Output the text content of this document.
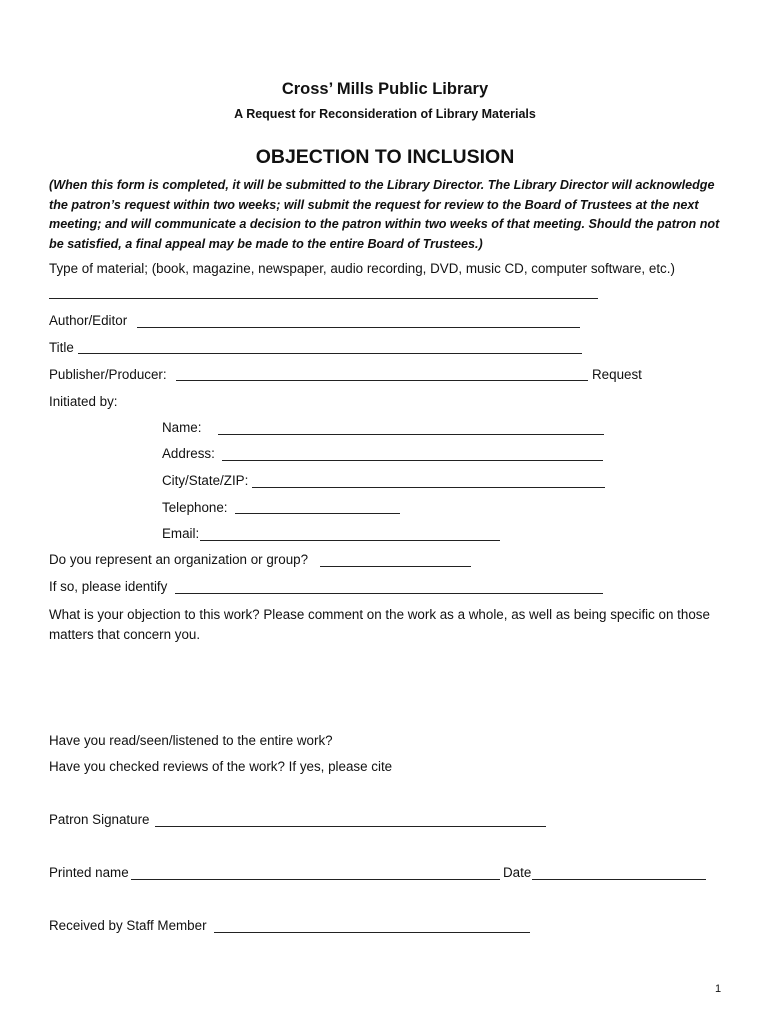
Cross’ Mills Public Library
A Request for Reconsideration of Library Materials
OBJECTION TO INCLUSION

(When this form is completed, it will be submitted to the Library Director. The Library Director will acknowledge the patron’s request within two weeks; will submit the request for review to the Board of Trustees at the next meeting; and will communicate a decision to the patron within two weeks of that meeting. Should the patron not be satisfied, a final appeal may be made to the entire Board of Trustees.)

Type of material; (book, magazine, newspaper, audio recording, DVD, music CD, computer software, etc.)
Author/Editor
Title
Publisher/Producer:	Request
Initiated by:
Name:
Address:
City/State/ZIP:
Telephone:
Email:
Do you represent an organization or group?
If so, please identify

What is your objection to this work? Please comment on the work as a whole, as well as being specific on those matters that concern you.

Have you read/seen/listened to the entire work?
Have you checked reviews of the work? If yes, please cite
Patron Signature
Printed name	Date
Received by Staff Member
1
